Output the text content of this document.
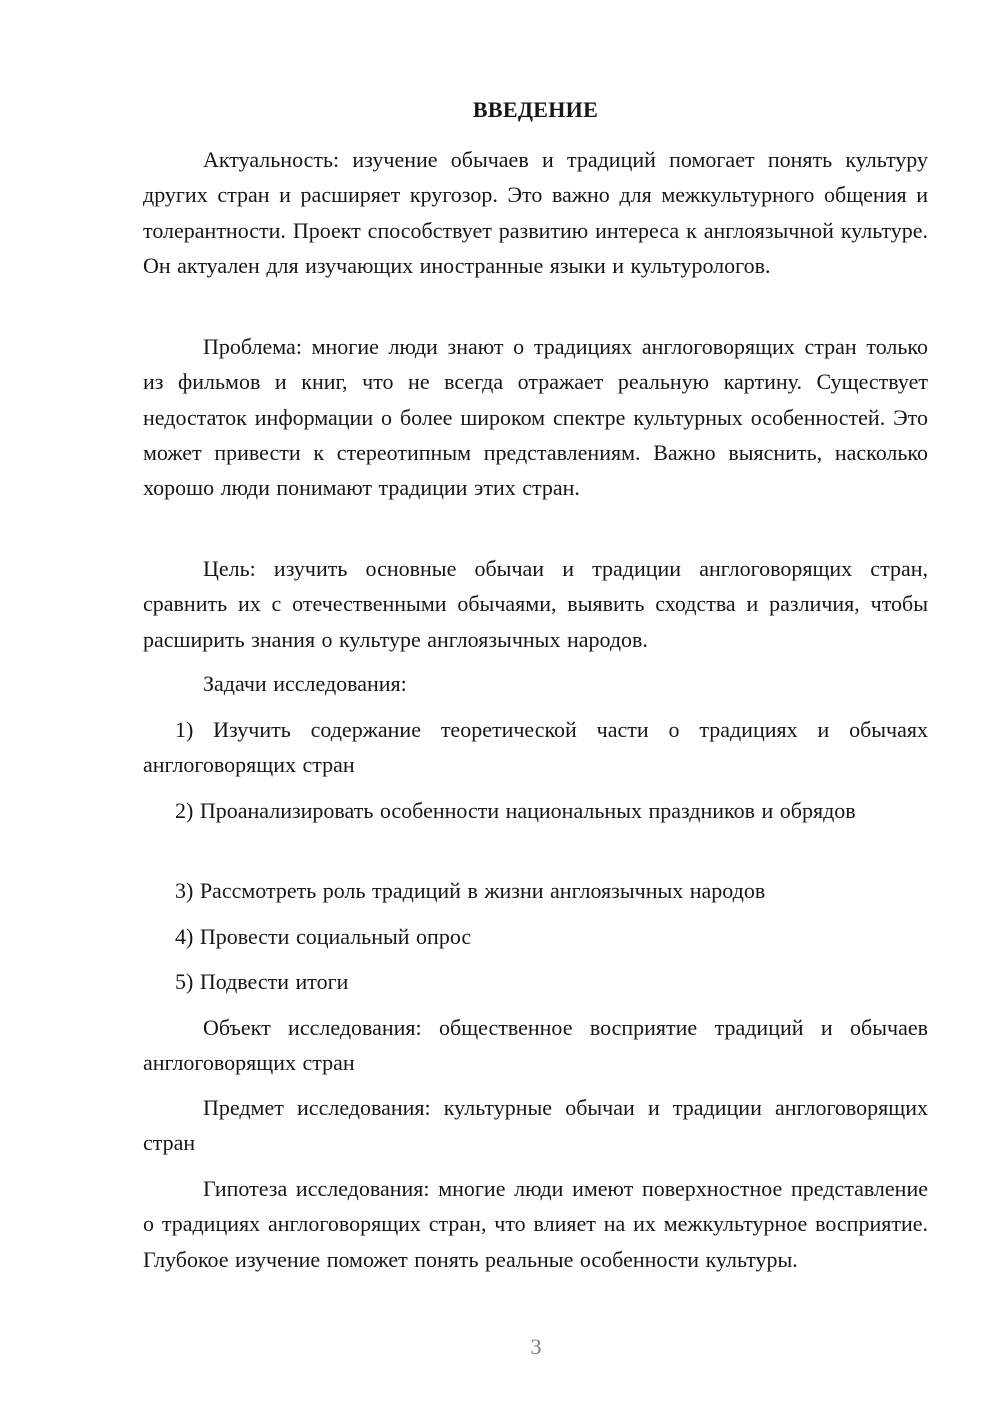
ВВЕДЕНИЕ

Актуальность: изучение обычаев и традиций помогает понять культуру других стран и расширяет кругозор. Это важно для межкультурного общения и толерантности. Проект способствует развитию интереса к англоязычной культуре. Он актуален для изучающих иностранные языки и культурологов.

Проблема: многие люди знают о традициях англоговорящих стран только из фильмов и книг, что не всегда отражает реальную картину. Существует недостаток информации о более широком спектре культурных особенностей. Это может привести к стереотипным представлениям. Важно выяснить, насколько хорошо люди понимают традиции этих стран.

Цель: изучить основные обычаи и традиции англоговорящих стран, сравнить их с отечественными обычаями, выявить сходства и различия, чтобы расширить знания о культуре англоязычных народов.

Задачи исследования:

1) Изучить содержание теоретической части о традициях и обычаях англоговорящих стран

2) Проанализировать особенности национальных праздников и обрядов

3) Рассмотреть роль традиций в жизни англоязычных народов

4) Провести социальный опрос

5) Подвести итоги

Объект исследования: общественное восприятие традиций и обычаев англоговорящих стран

Предмет исследования: культурные обычаи и традиции англоговорящих стран

Гипотеза исследования: многие люди имеют поверхностное представление о традициях англоговорящих стран, что влияет на их межкультурное восприятие. Глубокое изучение поможет понять реальные особенности культуры.

3
